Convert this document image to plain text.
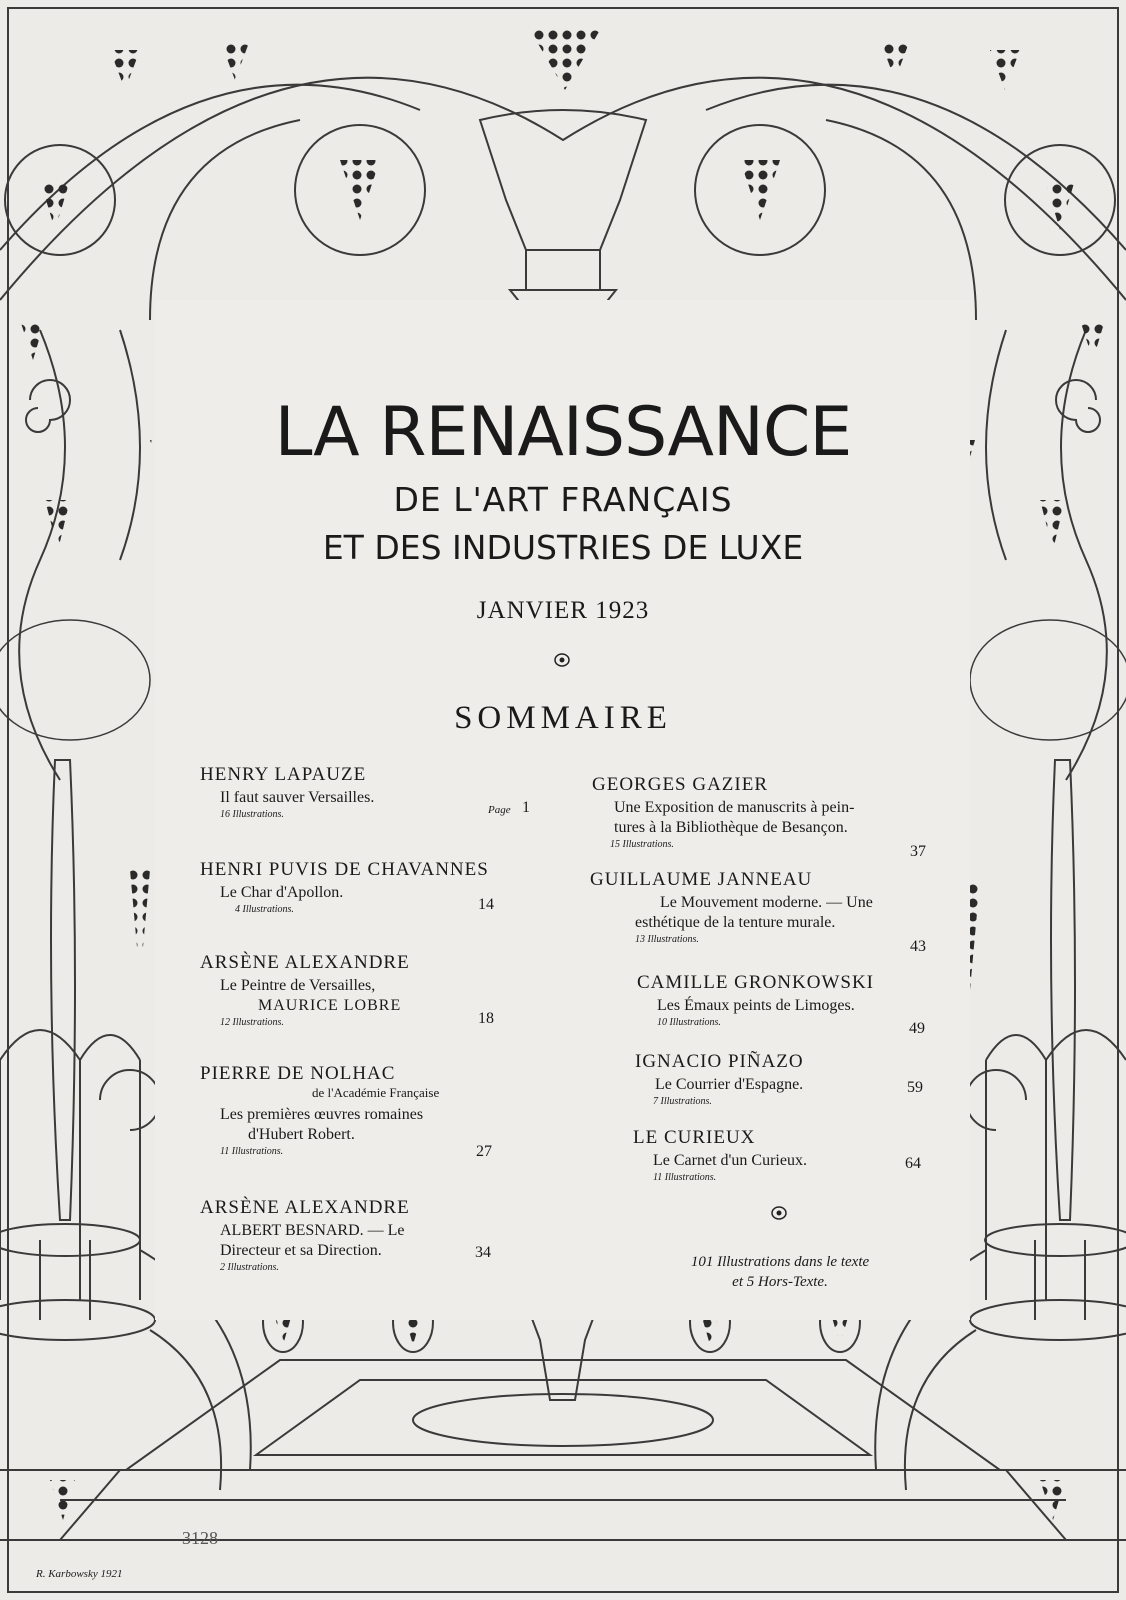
LA RENAISSANCE
DE L'ART FRANÇAIS
ET DES INDUSTRIES DE LUXE
JANVIER 1923
SOMMAIRE
HENRY LAPAUZE
Il faut sauver Versailles.
16 Illustrations.	Page 1
HENRI PUVIS DE CHAVANNES
Le Char d'Apollon.
4 Illustrations.	14
ARSÈNE ALEXANDRE
Le Peintre de Versailles,
MAURICE LOBRE
12 Illustrations.	18
PIERRE DE NOLHAC
de l'Académie Française
Les premières œuvres romaines
d'Hubert Robert.
11 Illustrations.	27
ARSÈNE ALEXANDRE
ALBERT BESNARD. — Le
Directeur et sa Direction.
2 Illustrations.
34
GEORGES GAZIER
Une Exposition de manuscrits à pein-
tures à la Bibliothèque de Besançon.
15 Illustrations.	37
GUILLAUME JANNEAU
Le Mouvement moderne. — Une
esthétique de la tenture murale.
13 Illustrations.	43
CAMILLE GRONKOWSKI
Les Émaux peints de Limoges.
10 Illustrations.	49
IGNACIO PIÑAZO
Le Courrier d'Espagne.
7 Illustrations.
59
LE CURIEUX
Le Carnet d'un Curieux.
11 Illustrations.
64
101 Illustrations dans le texte
et 5 Hors-Texte.
3128
R. Karbowsky 1921
